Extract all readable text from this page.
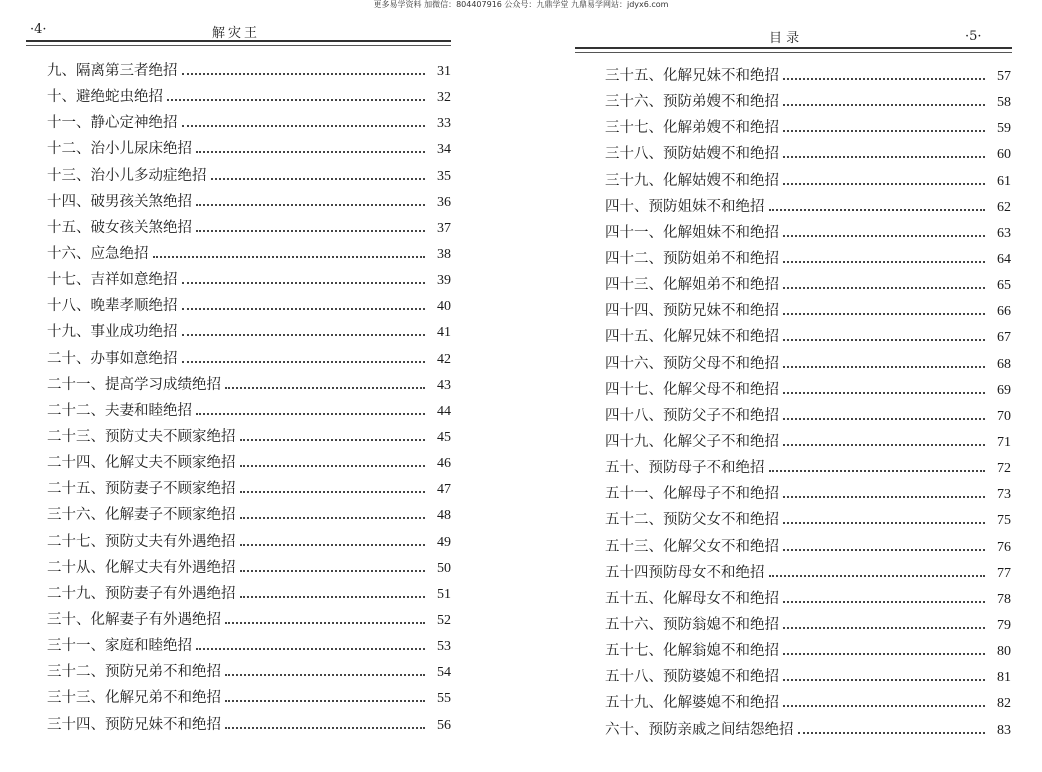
更多易学资料 加微信：804407916 公众号：九鼎学堂 九鼎易学网站：jdyx6.com
·4·	解灾王
九、隔离第三者绝招	31
十、避绝蛇虫绝招	32
十一、静心定神绝招	33
十二、治小儿尿床绝招	34
十三、治小儿多动症绝招	35
十四、破男孩关煞绝招	36
十五、破女孩关煞绝招	37
十六、应急绝招	38
十七、吉祥如意绝招	39
十八、晚辈孝顺绝招	40
十九、事业成功绝招	41
二十、办事如意绝招	42
二十一、提高学习成绩绝招	43
二十二、夫妻和睦绝招	44
二十三、预防丈夫不顾家绝招	45
二十四、化解丈夫不顾家绝招	46
二十五、预防妻子不顾家绝招	47
三十六、化解妻子不顾家绝招	48
二十七、预防丈夫有外遇绝招	49
二十从、化解丈夫有外遇绝招	50
二十九、预防妻子有外遇绝招	51
三十、化解妻子有外遇绝招	52
三十一、家庭和睦绝招	53
三十二、预防兄弟不和绝招	54
三十三、化解兄弟不和绝招	55
三十四、预防兄妹不和绝招	56
目 录	·5·
三十五、化解兄妹不和绝招	57
三十六、预防弟嫂不和绝招	58
三十七、化解弟嫂不和绝招	59
三十八、预防姑嫂不和绝招	60
三十九、化解姑嫂不和绝招	61
四十、预防姐妹不和绝招	62
四十一、化解姐妹不和绝招	63
四十二、预防姐弟不和绝招	64
四十三、化解姐弟不和绝招	65
四十四、预防兄妹不和绝招	66
四十五、化解兄妹不和绝招	67
四十六、预防父母不和绝招	68
四十七、化解父母不和绝招	69
四十八、预防父子不和绝招	70
四十九、化解父子不和绝招	71
五十、预防母子不和绝招	72
五十一、化解母子不和绝招	73
五十二、预防父女不和绝招	75
五十三、化解父女不和绝招	76
五十四预防母女不和绝招	77
五十五、化解母女不和绝招	78
五十六、预防翁媳不和绝招	79
五十七、化解翁媳不和绝招	80
五十八、预防婆媳不和绝招	81
五十九、化解婆媳不和绝招	82
六十、预防亲戚之间结怨绝招	83
